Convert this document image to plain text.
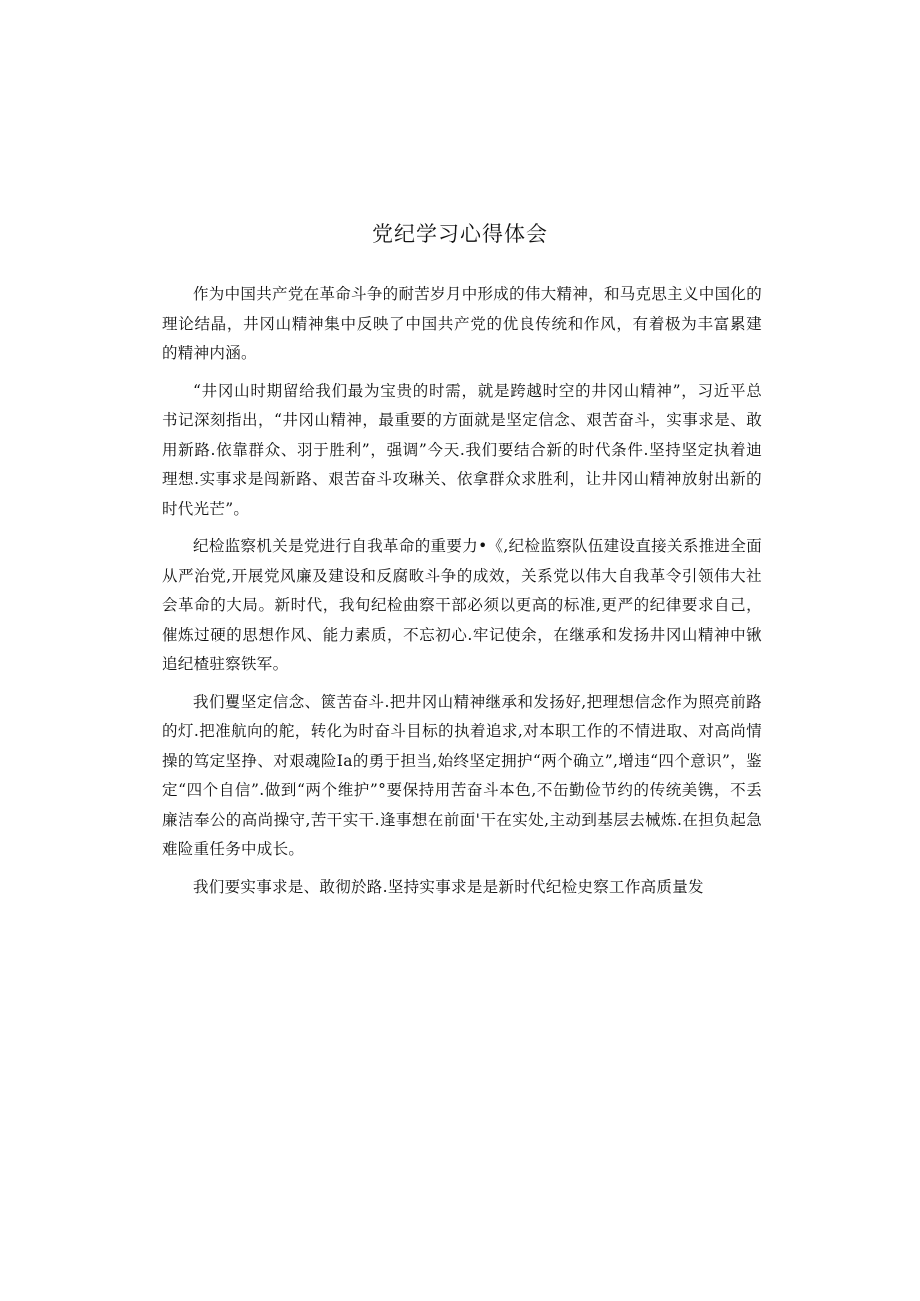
党纪学习心得体会

作为中国共产党在革命斗争的耐苦岁月中形成的伟大精神，和马克思主义中国化的理论结晶，井冈山精神集中反映了中国共产党的优良传统和作风，有着极为丰富累建的精神内涵。

“井冈山时期留给我们最为宝贵的时需，就是跨越时空的井冈山精神”，习近平总书记深刻指出，“井冈山精神，最重要的方面就是坚定信念、艰苦奋斗，实事求是、敢用新路.依靠群众、羽于胜利”，强调”今天.我们要结合新的时代条件.坚持坚定执着迪理想.实事求是闯新路、艰苦奋斗攻琳关、依拿群众求胜利，让井冈山精神放射出新的时代光芒”。

纪检监察机关是党进行自我革命的重要力•《,纪检监察队伍建设直接关系推进全面从严治党,开展党风廉及建设和反腐畋斗争的成效，关系党以伟大自我革令引领伟大社会革命的大局。新时代，我旬纪检曲察干部必须以更高的标准,更严的纪律要求自己，催炼过硬的思想作风、能力素质，不忘初心.牢记使余，在继承和发扬井冈山精神中锹追纪楂驻察铁军。

我们矍坚定信念、篋苦奋斗.把井冈山精神继承和发扬好,把理想信念作为照亮前路的灯.把准航向的舵，转化为时奋斗目标的执着追求,对本职工作的不情进取、对高尚情操的笃定坚挣、对艰魂险Ia的勇于担当,始终坚定拥护“两个确立”,增违“四个意识”，鉴定“四个自信”.做到“两个维护”°要保持用苦奋斗本色,不缶勤俭节约的传统美镌，不丢廉洁奉公的高尚操守,苦干实干.逢事想在前面'干在实处,主动到基层去械炼.在担负起急难险重任务中成长。

我们要实事求是、敢彻於路.坚持实事求是是新时代纪检史察工作高质量发
